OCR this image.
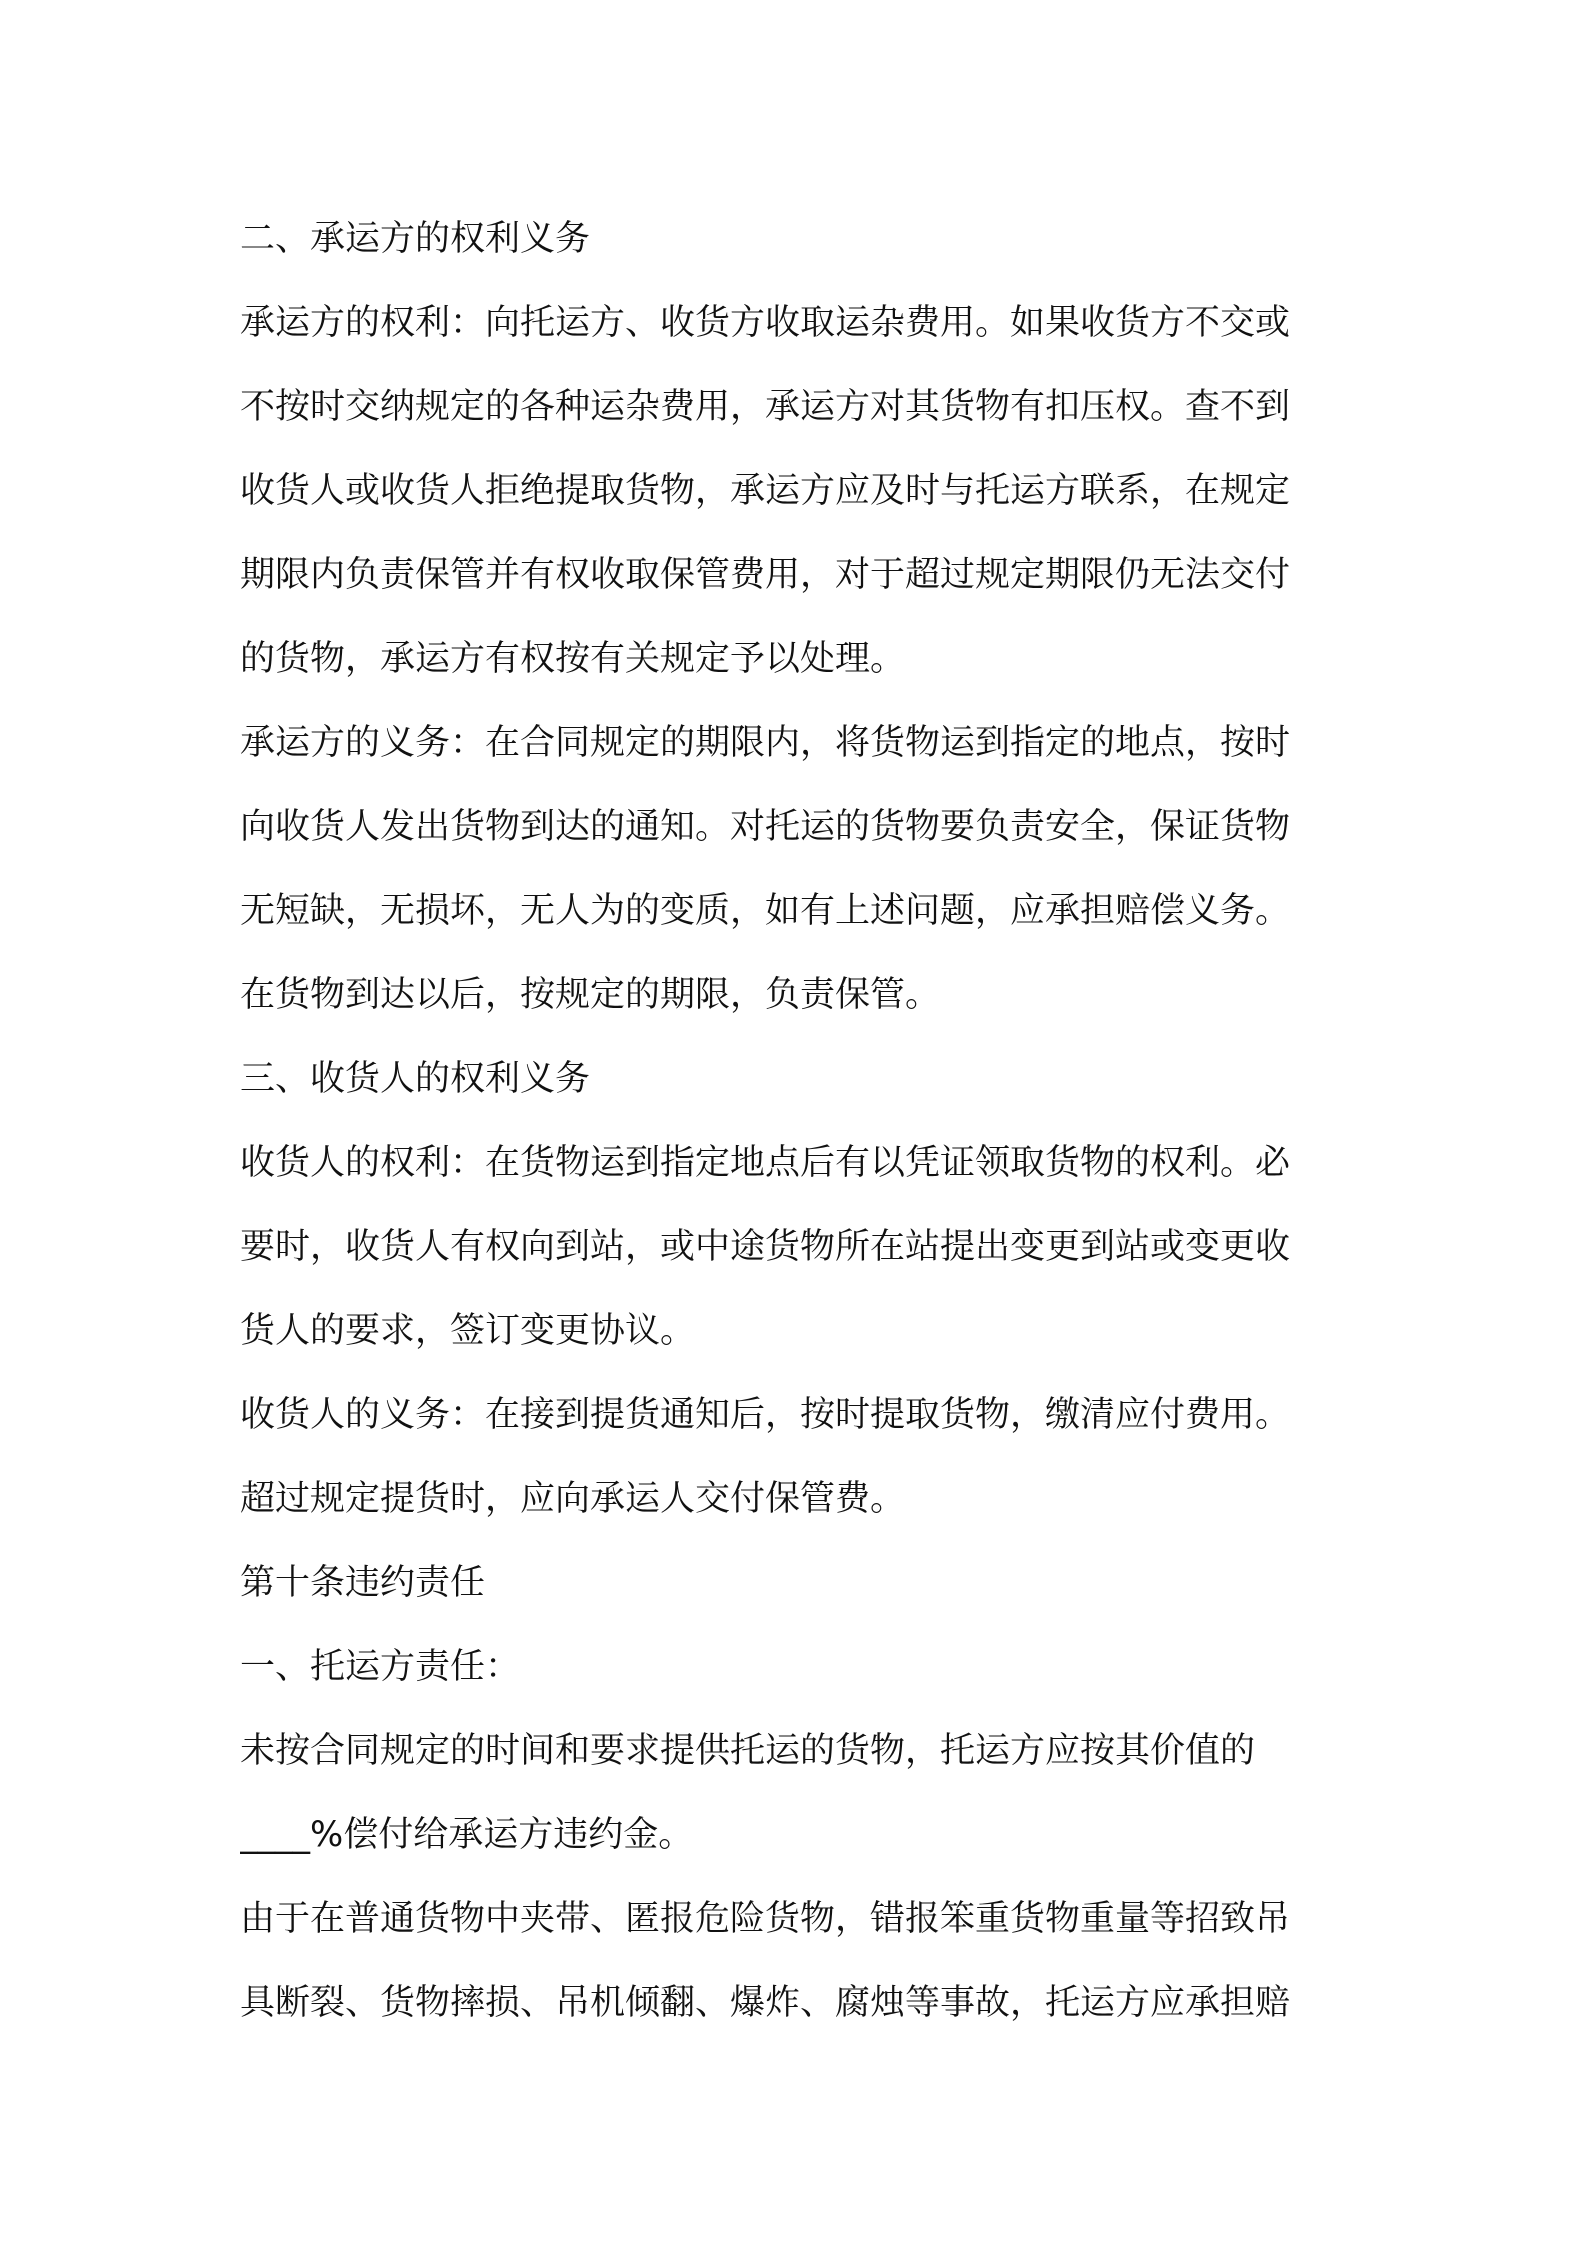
二、承运方的权利义务
承运方的权利：向托运方、收货方收取运杂费用。如果收货方不交或
不按时交纳规定的各种运杂费用，承运方对其货物有扣压权。查不到
收货人或收货人拒绝提取货物，承运方应及时与托运方联系，在规定
期限内负责保管并有权收取保管费用，对于超过规定期限仍无法交付
的货物，承运方有权按有关规定予以处理。
承运方的义务：在合同规定的期限内，将货物运到指定的地点，按时
向收货人发出货物到达的通知。对托运的货物要负责安全，保证货物
无短缺，无损坏，无人为的变质，如有上述问题，应承担赔偿义务。
在货物到达以后，按规定的期限，负责保管。
三、收货人的权利义务
收货人的权利：在货物运到指定地点后有以凭证领取货物的权利。必
要时，收货人有权向到站，或中途货物所在站提出变更到站或变更收
货人的要求，签订变更协议。
收货人的义务：在接到提货通知后，按时提取货物，缴清应付费用。
超过规定提货时，应向承运人交付保管费。
第十条违约责任
一、托运方责任：
未按合同规定的时间和要求提供托运的货物，托运方应按其价值的
____%偿付给承运方违约金。
由于在普通货物中夹带、匿报危险货物，错报笨重货物重量等招致吊
具断裂、货物摔损、吊机倾翻、爆炸、腐烛等事故，托运方应承担赔
